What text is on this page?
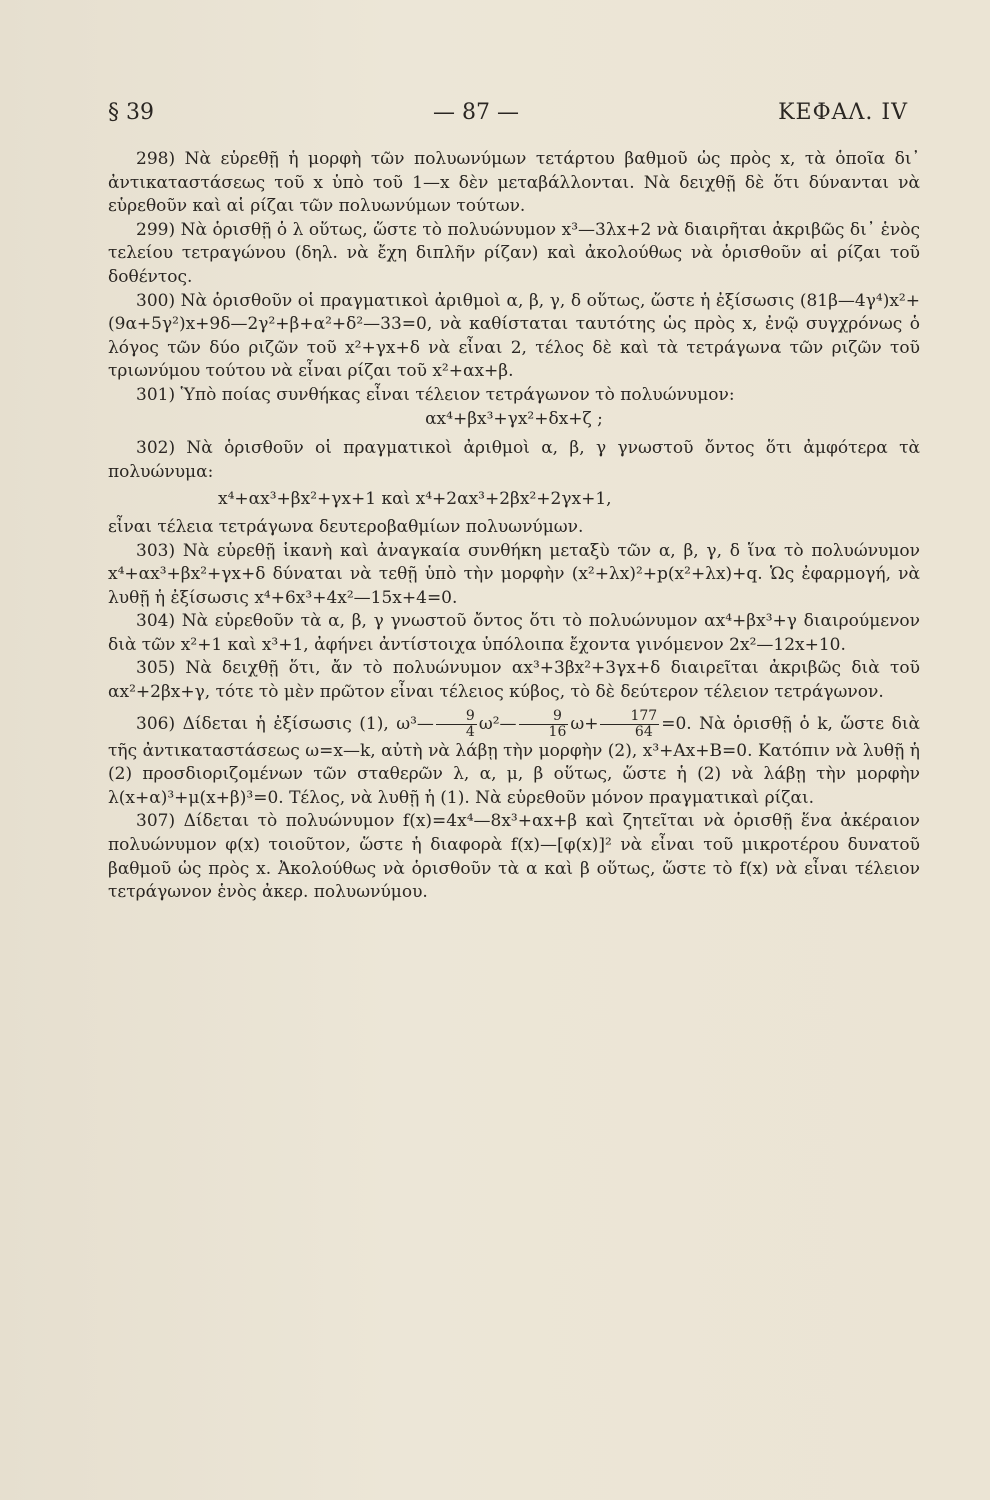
§ 39	— 87 —	ΚΕΦΑΛ. IV

298) Νὰ εὑρεθῇ ἡ μορφὴ τῶν πολυωνύμων τετάρτου βαθμοῦ ὡς πρὸς x, τὰ ὁποῖα δι᾽ ἀντικαταστάσεως τοῦ x ὑπὸ τοῦ 1—x δὲν μεταβάλλονται. Νὰ δειχθῇ δὲ ὅτι δύνανται νὰ εὑρεθοῦν καὶ αἱ ρίζαι τῶν πολυωνύμων τούτων.

299) Νὰ ὁρισθῇ ὁ λ οὕτως, ὥστε τὸ πολυώνυμον x³—3λx+2 νὰ διαιρῆται ἀκριβῶς δι᾽ ἑνὸς τελείου τετραγώνου (δηλ. νὰ ἔχη διπλῆν ρίζαν) καὶ ἀκολούθως νὰ ὁρισθοῦν αἱ ρίζαι τοῦ δοθέντος.

300) Νὰ ὁρισθοῦν οἱ πραγματικοὶ ἀριθμοὶ α, β, γ, δ οὕτως, ὥστε ἡ ἐξίσωσις (81β—4γ⁴)x²+(9α+5γ²)x+9δ—2γ²+β+α²+δ²—33=0, νὰ καθίσταται ταυτότης ὡς πρὸς x, ἐνῷ συγχρόνως ὁ λόγος τῶν δύο ριζῶν τοῦ x²+γx+δ νὰ εἶναι 2, τέλος δὲ καὶ τὰ τετράγωνα τῶν ριζῶν τοῦ τριωνύμου τούτου νὰ εἶναι ρίζαι τοῦ x²+αx+β.

301) Ὑπὸ ποίας συνθήκας εἶναι τέλειον τετράγωνον τὸ πολυώνυμον:

αx⁴+βx³+γx²+δx+ζ ;

302) Νὰ ὁρισθοῦν οἱ πραγματικοὶ ἀριθμοὶ α, β, γ γνωστοῦ ὄντος ὅτι ἀμφότερα τὰ πολυώνυμα:

x⁴+αx³+βx²+γx+1 καὶ x⁴+2αx³+2βx²+2γx+1,

εἶναι τέλεια τετράγωνα δευτεροβαθμίων πολυωνύμων.

303) Νὰ εὑρεθῇ ἱκανὴ καὶ ἀναγκαία συνθήκη μεταξὺ τῶν α, β, γ, δ ἵνα τὸ πολυώνυμον x⁴+αx³+βx²+γx+δ δύναται νὰ τεθῇ ὑπὸ τὴν μορφὴν (x²+λx)²+p(x²+λx)+q. Ὡς ἐφαρμογή, νὰ λυθῇ ἡ ἐξίσωσις x⁴+6x³+4x²—15x+4=0.

304) Νὰ εὑρεθοῦν τὰ α, β, γ γνωστοῦ ὄντος ὅτι τὸ πολυώνυμον αx⁴+βx³+γ διαιρούμενον διὰ τῶν x²+1 καὶ x³+1, ἀφήνει ἀντίστοιχα ὑπόλοιπα ἔχοντα γινόμενον 2x²—12x+10.

305) Νὰ δειχθῇ ὅτι, ἄν τὸ πολυώνυμον αx³+3βx²+3γx+δ διαιρεῖται ἀκριβῶς διὰ τοῦ αx²+2βx+γ, τότε τὸ μὲν πρῶτον εἶναι τέλειος κύβος, τὸ δὲ δεύτερον τέλειον τετράγωνον.

306) Δίδεται ἡ ἐξίσωσις (1), ω³— $\frac{9}{4}$ ω²— $\frac{9}{16} \omega+ \frac{177}{64} =0$. Νὰ ὁρισθῇ ὁ k, ὥστε διὰ τῆς ἀντικαταστάσεως ω=x—k, αὐτὴ νὰ λάβῃ τὴν μορφὴν (2), x³+Ax+B=0. Κατόπιν νὰ λυθῇ ἡ (2) προσδιοριζομένων τῶν σταθερῶν λ, α, μ, β οὕτως, ὥστε ἡ (2) νὰ λάβῃ τὴν μορφὴν λ(x+α)³+μ(x+β)³=0. Τέλος, νὰ λυθῇ ἡ (1). Νὰ εὑρεθοῦν μόνον πραγματικαὶ ρίζαι.

307) Δίδεται τὸ πολυώνυμον f(x)=4x⁴—8x³+αx+β καὶ ζητεῖται νὰ ὁρισθῇ ἕνα ἀκέραιον πολυώνυμον φ(x) τοιοῦτον, ὥστε ἡ διαφορὰ f(x)—[φ(x)]² νὰ εἶναι τοῦ μικροτέρου δυνατοῦ βαθμοῦ ὡς πρὸς x. Ἀκολούθως νὰ ὁρισθοῦν τὰ α καὶ β οὕτως, ὥστε τὸ f(x) νὰ εἶναι τέλειον τετράγωνον ἑνὸς ἀκερ. πολυωνύμου.
